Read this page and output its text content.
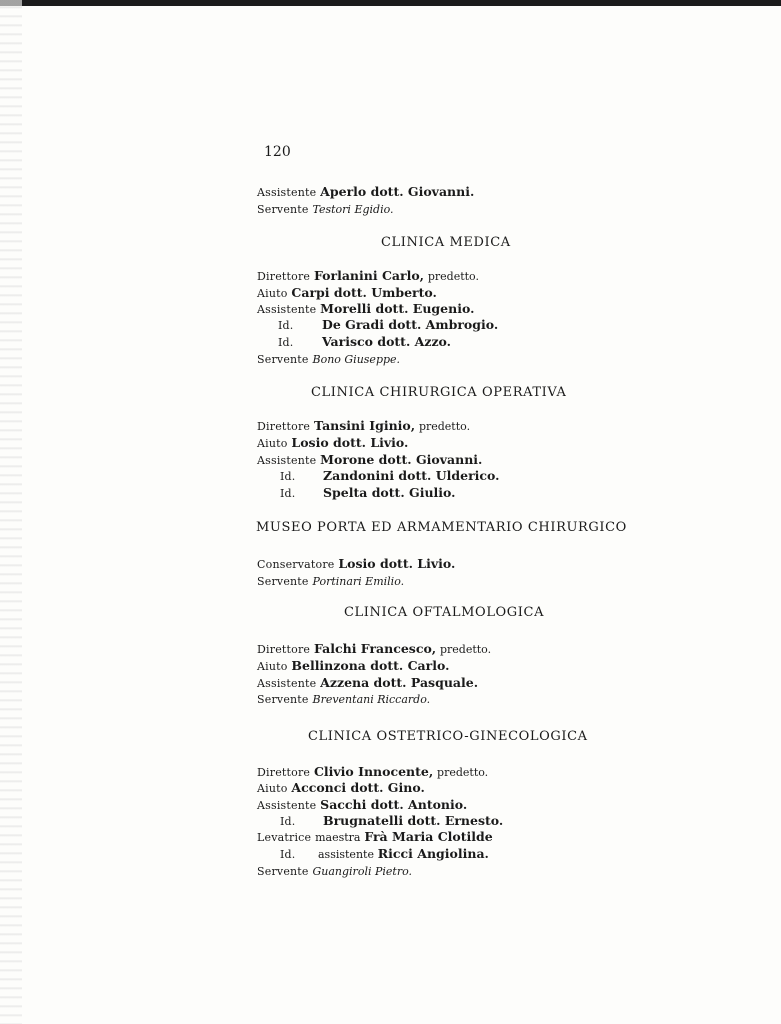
120
Assistente Aperlo dott. Giovanni.
Servente Testori Egidio.
CLINICA MEDICA
Direttore Forlanini Carlo, predetto.
Aiuto Carpi dott. Umberto.
Assistente Morelli dott. Eugenio.
Id. De Gradi dott. Ambrogio.
Id. Varisco dott. Azzo.
Servente Bono Giuseppe.
CLINICA CHIRURGICA OPERATIVA
Direttore Tansini Iginio, predetto.
Aiuto Losio dott. Livio.
Assistente Morone dott. Giovanni.
Id. Zandonini dott. Ulderico.
Id. Spelta dott. Giulio.
MUSEO PORTA ED ARMAMENTARIO CHIRURGICO
Conservatore Losio dott. Livio.
Servente Portinari Emilio.
CLINICA OFTALMOLOGICA
Direttore Falchi Francesco, predetto.
Aiuto Bellinzona dott. Carlo.
Assistente Azzena dott. Pasquale.
Servente Breventani Riccardo.
CLINICA OSTETRICO-GINECOLOGICA
Direttore Clivio Innocente, predetto.
Aiuto Acconci dott. Gino.
Assistente Sacchi dott. Antonio.
Id. Brugnatelli dott. Ernesto.
Levatrice maestra Frà Maria Clotilde
Id. assistente Ricci Angiolina.
Servente Guangiroli Pietro.
